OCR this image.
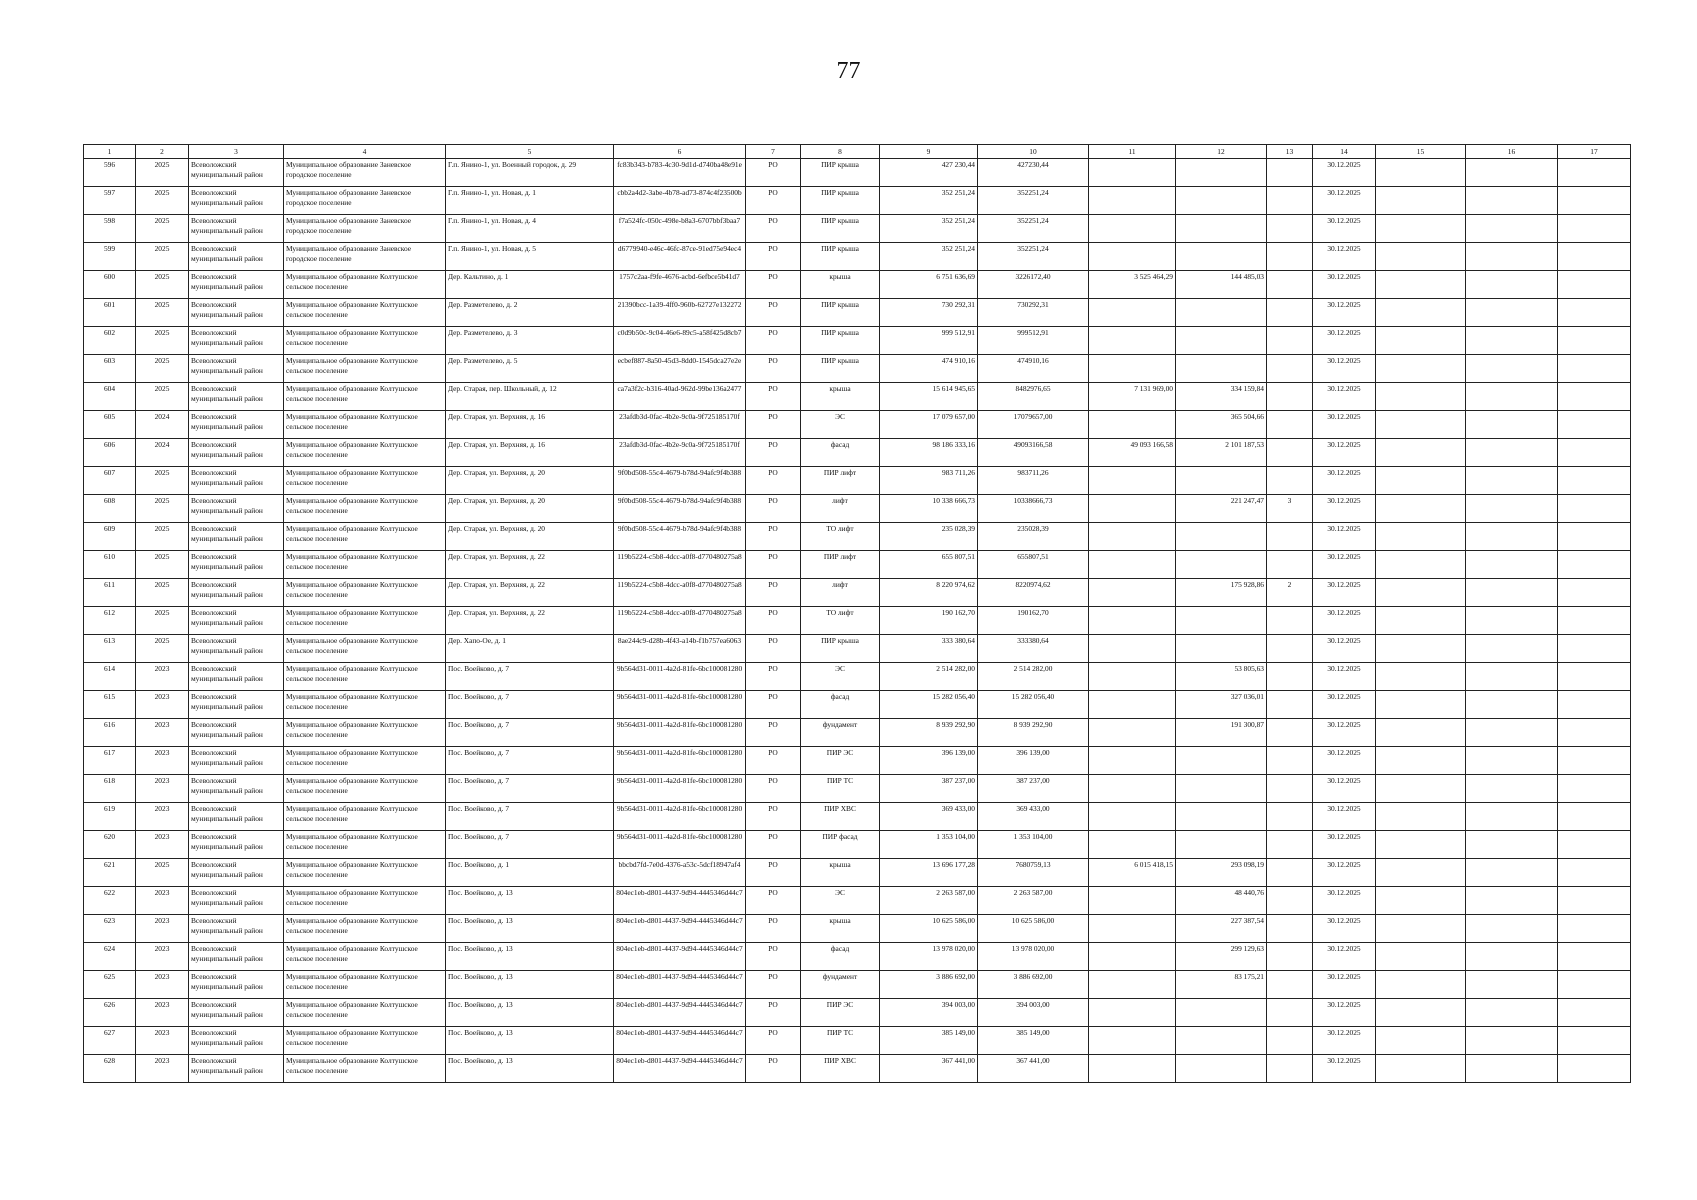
77
1	2	3	4	5	6	7	8	9	10	11	12	13	14	15	16	17
596	2025	Всеволожский муниципальный район	Муниципальное образование Заневское городское поселение	Г.п. Янино-1, ул. Военный городок, д. 29	fc83b343-b783-4c30-9d1d-d740ba48e91e	РО	ПИР крыша	427 230,44	427230,44				30.12.2025			
597	2025	Всеволожский муниципальный район	Муниципальное образование Заневское городское поселение	Г.п. Янино-1, ул. Новая, д. 1	cbb2a4d2-3abe-4b78-ad73-874c4f23500b	РО	ПИР крыша	352 251,24	352251,24				30.12.2025			
598	2025	Всеволожский муниципальный район	Муниципальное образование Заневское городское поселение	Г.п. Янино-1, ул. Новая, д. 4	f7a524fc-050c-498e-b8a3-6707bbf3baa7	РО	ПИР крыша	352 251,24	352251,24				30.12.2025			
599	2025	Всеволожский муниципальный район	Муниципальное образование Заневское городское поселение	Г.п. Янино-1, ул. Новая, д. 5	d6779940-e46c-46fc-87ce-91ed75e94ec4	РО	ПИР крыша	352 251,24	352251,24				30.12.2025			
600	2025	Всеволожский муниципальный район	Муниципальное образование Колтушское сельское поселение	Дер. Кальтино, д. 1	1757c2aa-f9fe-4676-acbd-6efbce5b41d7	РО	крыша	6 751 636,69	3226172,40	3 525 464,29	144 485,03		30.12.2025			
601	2025	Всеволожский муниципальный район	Муниципальное образование Колтушское сельское поселение	Дер. Разметелево, д. 2	21390bcc-1a39-4ff0-960b-62727e132272	РО	ПИР крыша	730 292,31	730292,31				30.12.2025			
602	2025	Всеволожский муниципальный район	Муниципальное образование Колтушское сельское поселение	Дер. Разметелево, д. 3	c0d9b50c-9c04-46e6-89c5-a58f425d8cb7	РО	ПИР крыша	999 512,91	999512,91				30.12.2025			
603	2025	Всеволожский муниципальный район	Муниципальное образование Колтушское сельское поселение	Дер. Разметелево, д. 5	ecbef887-8a50-45d3-8dd0-1545dca27e2e	РО	ПИР крыша	474 910,16	474910,16				30.12.2025			
604	2025	Всеволожский муниципальный район	Муниципальное образование Колтушское сельское поселение	Дер. Старая, пер. Школьный, д. 12	ca7a3f2c-b316-40ad-962d-99be136a2477	РО	крыша	15 614 945,65	8482976,65	7 131 969,00	334 159,84		30.12.2025			
605	2024	Всеволожский муниципальный район	Муниципальное образование Колтушское сельское поселение	Дер. Старая, ул. Верхняя, д. 16	23afdb3d-0fac-4b2e-9c0a-9f725185170f	РО	ЭС	17 079 657,00	17079657,00		365 504,66		30.12.2025			
606	2024	Всеволожский муниципальный район	Муниципальное образование Колтушское сельское поселение	Дер. Старая, ул. Верхняя, д. 16	23afdb3d-0fac-4b2e-9c0a-9f725185170f	РО	фасад	98 186 333,16	49093166,58	49 093 166,58	2 101 187,53		30.12.2025			
607	2025	Всеволожский муниципальный район	Муниципальное образование Колтушское сельское поселение	Дер. Старая, ул. Верхняя, д. 20	9f0bd508-55c4-4679-b78d-94afc9f4b388	РО	ПИР лифт	983 711,26	983711,26				30.12.2025			
608	2025	Всеволожский муниципальный район	Муниципальное образование Колтушское сельское поселение	Дер. Старая, ул. Верхняя, д. 20	9f0bd508-55c4-4679-b78d-94afc9f4b388	РО	лифт	10 338 666,73	10338666,73		221 247,47	3	30.12.2025			
609	2025	Всеволожский муниципальный район	Муниципальное образование Колтушское сельское поселение	Дер. Старая, ул. Верхняя, д. 20	9f0bd508-55c4-4679-b78d-94afc9f4b388	РО	ТО лифт	235 028,39	235028,39				30.12.2025			
610	2025	Всеволожский муниципальный район	Муниципальное образование Колтушское сельское поселение	Дер. Старая, ул. Верхняя, д. 22	119b5224-c5b8-4dcc-a0f8-d7704802​75a8	РО	ПИР лифт	655 807,51	655807,51				30.12.2025			
611	2025	Всеволожский муниципальный район	Муниципальное образование Колтушское сельское поселение	Дер. Старая, ул. Верхняя, д. 22	119b5224-c5b8-4dcc-a0f8-d770480275a8	РО	лифт	8 220 974,62	8220974,62		175 928,86	2	30.12.2025			
612	2025	Всеволожский муниципальный район	Муниципальное образование Колтушское сельское поселение	Дер. Старая, ул. Верхняя, д. 22	119b5224-c5b8-4dcc-a0f8-d770480275a8	РО	ТО лифт	190 162,70	190162,70				30.12.2025			
613	2025	Всеволожский муниципальный район	Муниципальное образование Колтушское сельское поселение	Дер. Хапо-Ое, д. 1	8ae244c9-d28b-4f43-a14b-f1b757ea6063	РО	ПИР крыша	333 380,64	333380,64				30.12.2025			
614	2023	Всеволожский муниципальный район	Муниципальное образование Колтушское сельское поселение	Пос. Воейково, д. 7	9b564d31-0011-4a2d-81fe-6bc100081280	РО	ЭС	2 514 282,00	2 514 282,00		53 805,63		30.12.2025			
615	2023	Всеволожский муниципальный район	Муниципальное образование Колтушское сельское поселение	Пос. Воейково, д. 7	9b564d31-0011-4a2d-81fe-6bc100081280	РО	фасад	15 282 056,40	15 282 056,40		327 036,01		30.12.2025			
616	2023	Всеволожский муниципальный район	Муниципальное образование Колтушское сельское поселение	Пос. Воейково, д. 7	9b564d31-0011-4a2d-81fe-6bc100081280	РО	фундамент	8 939 292,90	8 939 292,90		191 300,87		30.12.2025			
617	2023	Всеволожский муниципальный район	Муниципальное образование Колтушское сельское поселение	Пос. Воейково, д. 7	9b564d31-0011-4a2d-81fe-6bc100081280	РО	ПИР ЭС	396 139,00	396 139,00				30.12.2025			
618	2023	Всеволожский муниципальный район	Муниципальное образование Колтушское сельское поселение	Пос. Воейково, д. 7	9b564d31-0011-4a2d-81fe-6bc100081280	РО	ПИР ТС	387 237,00	387 237,00				30.12.2025			
619	2023	Всеволожский муниципальный район	Муниципальное образование Колтушское сельское поселение	Пос. Воейково, д. 7	9b564d31-0011-4a2d-81fe-6bc100081280	РО	ПИР ХВС	369 433,00	369 433,00				30.12.2025			
620	2023	Всеволожский муниципальный район	Муниципальное образование Колтушское сельское поселение	Пос. Воейково, д. 7	9b564d31-0011-4a2d-81fe-6bc100081280	РО	ПИР фасад	1 353 104,00	1 353 104,00				30.12.2025			
621	2025	Всеволожский муниципальный район	Муниципальное образование Колтушское сельское поселение	Пос. Воейково, д. 1	bbcbd7fd-7e0d-4376-a53c-5dcf18947af4	РО	крыша	13 696 177,28	7680759,13	6 015 418,15	293 098,19		30.12.2025			
622	2023	Всеволожский муниципальный район	Муниципальное образование Колтушское сельское поселение	Пос. Воейково, д. 13	804ec1eb-d801-4437-9d94-4445346d44c7	РО	ЭС	2 263 587,00	2 263 587,00		48 440,76		30.12.2025			
623	2023	Всеволожский муниципальный район	Муниципальное образование Колтушское сельское поселение	Пос. Воейково, д. 13	804ec1eb-d801-4437-9d94-4445346d44c7	РО	крыша	10 625 586,00	10 625 586,00		227 387,54		30.12.2025			
624	2023	Всеволожский муниципальный район	Муниципальное образование Колтушское сельское поселение	Пос. Воейково, д. 13	804ec1eb-d801-4437-9d94-4445346d44c7	РО	фасад	13 978 020,00	13 978 020,00		299 129,63		30.12.2025			
625	2023	Всеволожский муниципальный район	Муниципальное образование Колтушское сельское поселение	Пос. Воейково, д. 13	804ec1eb-d801-4437-9d94-4445346d44c7	РО	фундамент	3 886 692,00	3 886 692,00		83 175,21		30.12.2025			
626	2023	Всеволожский муниципальный район	Муниципальное образование Колтушское сельское поселение	Пос. Воейково, д. 13	804ec1eb-d801-4437-9d94-4445346d44c7	РО	ПИР ЭС	394 003,00	394 003,00				30.12.2025			
627	2023	Всеволожский муниципальный район	Муниципальное образование Колтушское сельское поселение	Пос. Воейково, д. 13	804ec1eb-d801-4437-9d94-4445346d44c7	РО	ПИР ТС	385 149,00	385 149,00				30.12.2025			
628	2023	Всеволожский муниципальный район	Муниципальное образование Колтушское сельское поселение	Пос. Воейково, д. 13	804ec1eb-d801-4437-9d94-4445346d44c7	РО	ПИР ХВС	367 441,00	367 441,00				30.12.2025			
